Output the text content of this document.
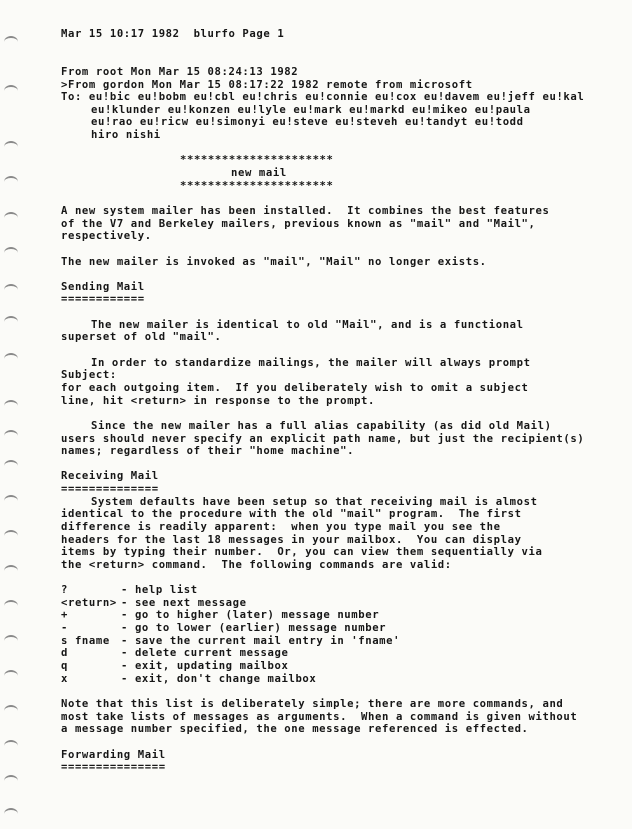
Mar 15 10:17 1982  blurfo Page 1
From root Mon Mar 15 08:24:13 1982
>From gordon Mon Mar 15 08:17:22 1982 remote from microsoft
To: eu!bic eu!bobm eu!cbl eu!chris eu!connie eu!cox eu!davem eu!jeff eu!kal
eu!klunder eu!konzen eu!lyle eu!mark eu!markd eu!mikeo eu!paula
eu!rao eu!ricw eu!simonyi eu!steve eu!steveh eu!tandyt eu!todd
hiro nishi
**********************
new mail
**********************
A new system mailer has been installed.  It combines the best features
of the V7 and Berkeley mailers, previous known as "mail" and "Mail",
respectively.
The new mailer is invoked as "mail", "Mail" no longer exists.
Sending Mail
============
The new mailer is identical to old "Mail", and is a functional
superset of old "mail".
In order to standardize mailings, the mailer will always prompt
Subject:
for each outgoing item.  If you deliberately wish to omit a subject
line, hit <return> in response to the prompt.
Since the new mailer has a full alias capability (as did old Mail)
users should never specify an explicit path name, but just the recipient(s)
names; regardless of their "home machine".
Receiving Mail
==============
System defaults have been setup so that receiving mail is almost
identical to the procedure with the old "mail" program.  The first
difference is readily apparent:  when you type mail you see the
headers for the last 18 messages in your mailbox.  You can display
items by typing their number.  Or, you can view them sequentially via
the <return> command.  The following commands are valid:
?	- help list
<return> - see next message
+	- go to higher (later) message number
-	- go to lower (earlier) message number
s fname	- save the current mail entry in 'fname'
d	- delete current message
q	- exit, updating mailbox
x	- exit, don't change mailbox
Note that this list is deliberately simple; there are more commands, and
most take lists of messages as arguments.  When a command is given without
a message number specified, the one message referenced is effected.
Forwarding Mail
===============
